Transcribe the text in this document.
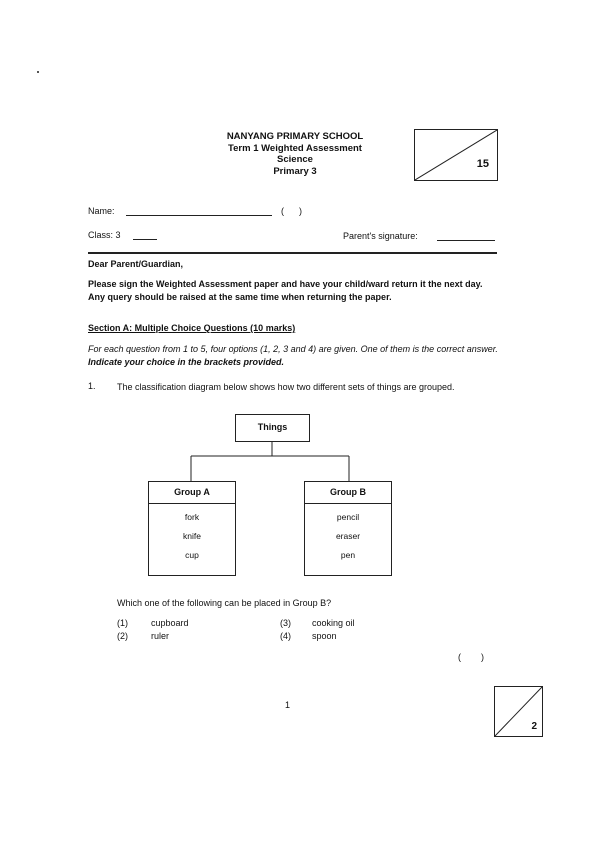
NANYANG PRIMARY SCHOOL
Term 1 Weighted Assessment
Science
Primary 3
15
Name:	(      )
Class: 3	Parent's signature:
Dear Parent/Guardian,
Please sign the Weighted Assessment paper and have your child/ward return it the next day. Any query should be raised at the same time when returning the paper.
Section A: Multiple Choice Questions (10 marks)
For each question from 1 to 5, four options (1, 2, 3 and 4) are given. One of them is the correct answer. Indicate your choice in the brackets provided.
1. The classification diagram below shows how two different sets of things are grouped.
Things
Group A
fork
knife
cup
Group B
pencil
eraser
pen
Which one of the following can be placed in Group B?
(1)	cupboard
(2)	ruler
(3) cooking oil
(4) spoon
(        )
1
2
